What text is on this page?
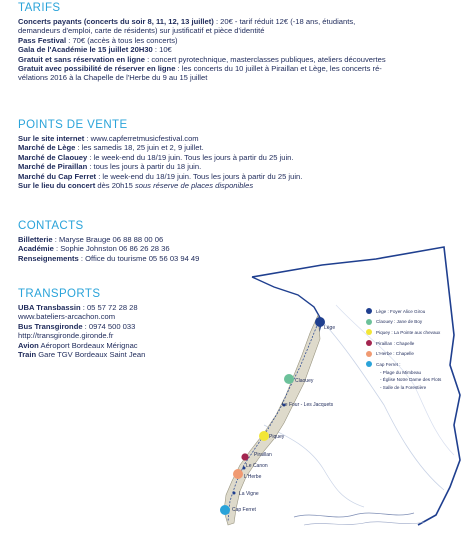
TARIFS

Concerts payants (concerts du soir 8, 11, 12, 13 juillet) : 20€ - tarif réduit 12€ (-18 ans, étudiants,

demandeurs d'emploi, carte de résidents) sur justificatif et pièce d'identité

Pass Festival : 70€ (accès à tous les concerts)

Gala de l'Académie le 15 juillet 20H30 : 10€

Gratuit et sans réservation en ligne : concert pyrotechnique, masterclasses publiques, ateliers découvertes

Gratuit avec possibilité de réserver en ligne : les concerts du 10 juillet à Piraillan et Lège, les concerts ré-

vélations 2016 à la Chapelle de l'Herbe du 9 au 15 juillet

POINTS DE VENTE

Sur le site internet : www.capferretmusicfestival.com

Marché de Lège : les samedis 18, 25 juin et 2, 9 juillet.

Marché de Claouey : le week-end du 18/19 juin. Tous les jours à partir du 25 juin.

Marché de Piraillan : tous les jours à partir du 18 juin.

Marché du Cap Ferret : le week-end du 18/19 juin. Tous les jours à partir du 25 juin.

Sur le lieu du concert dès 20h15 sous réserve de places disponibles

CONTACTS

Billetterie : Maryse Brauge 06 88 88 00 06

Académie : Sophie Johnston 06 86 26 28 36

Renseignements : Office du tourisme 05 56 03 94 49

TRANSPORTS

UBA Transbassin : 05 57 72 28 28

www.bateliers-arcachon.com

Bus Transgironde : 0974 500 033

http://transgironde.gironde.fr

Avion Aéroport Bordeaux Mérignac

Train Gare TGV Bordeaux Saint Jean

Lège
Claouey
Le Four - Les Jacquets
Piquey
Piraillan
Le Canon
L'Herbe
La Vigne
Cap Ferret
Lège : Foyer Alice Girou
Claouey : Jane de Boy
Piquey : La Pointe aux chevaux
Piraillan : Chapelle
L'Herbe : Chapelle
Cap Ferret :
- Plage du Mimbeau
- Église Notre Dame des Flots
- Salle de la Forestière
